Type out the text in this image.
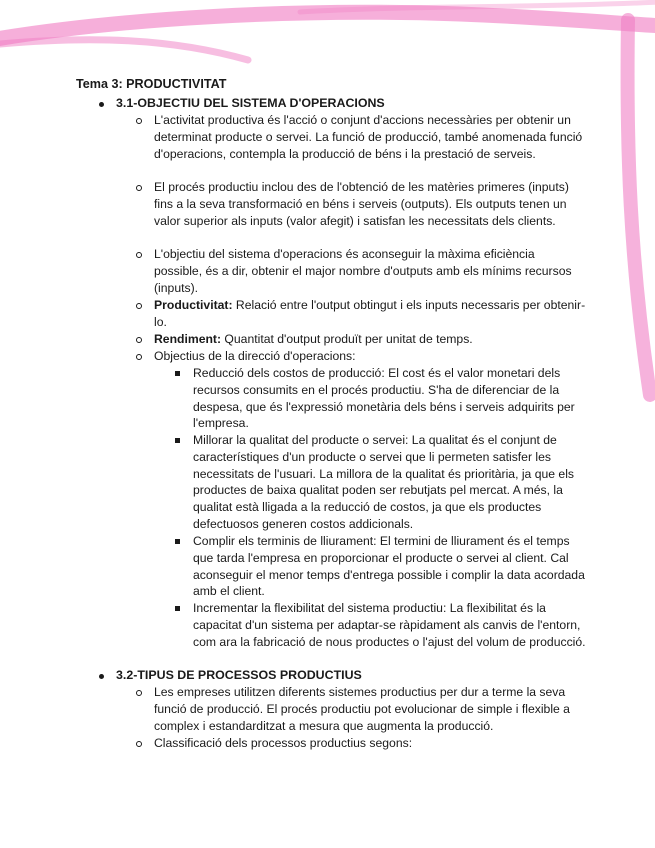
Tema 3: PRODUCTIVITAT
3.1-OBJECTIU DEL SISTEMA D'OPERACIONS
L'activitat productiva és l'acció o conjunt d'accions necessàries per obtenir un determinat producte o servei. La funció de producció, també anomenada funció d'operacions, contempla la producció de béns i la prestació de serveis.
El procés productiu inclou des de l'obtenció de les matèries primeres (inputs) fins a la seva transformació en béns i serveis (outputs). Els outputs tenen un valor superior als inputs (valor afegit) i satisfan les necessitats dels clients.
L'objectiu del sistema d'operacions és aconseguir la màxima eficiència possible, és a dir, obtenir el major nombre d'outputs amb els mínims recursos (inputs).
Productivitat: Relació entre l'output obtingut i els inputs necessaris per obtenir-lo.
Rendiment: Quantitat d'output produït per unitat de temps.
Objectius de la direcció d'operacions:
Reducció dels costos de producció: El cost és el valor monetari dels recursos consumits en el procés productiu. S'ha de diferenciar de la despesa, que és l'expressió monetària dels béns i serveis adquirits per l'empresa.
Millorar la qualitat del producte o servei: La qualitat és el conjunt de característiques d'un producte o servei que li permeten satisfer les necessitats de l'usuari. La millora de la qualitat és prioritària, ja que els productes de baixa qualitat poden ser rebutjats pel mercat. A més, la qualitat està lligada a la reducció de costos, ja que els productes defectuosos generen costos addicionals.
Complir els terminis de lliurament: El termini de lliurament és el temps que tarda l'empresa en proporcionar el producte o servei al client. Cal aconseguir el menor temps d'entrega possible i complir la data acordada amb el client.
Incrementar la flexibilitat del sistema productiu: La flexibilitat és la capacitat d'un sistema per adaptar-se ràpidament als canvis de l'entorn, com ara la fabricació de nous productes o l'ajust del volum de producció.
3.2-TIPUS DE PROCESSOS PRODUCTIUS
Les empreses utilitzen diferents sistemes productius per dur a terme la seva funció de producció. El procés productiu pot evolucionar de simple i flexible a complex i estandarditzat a mesura que augmenta la producció.
Classificació dels processos productius segons:
